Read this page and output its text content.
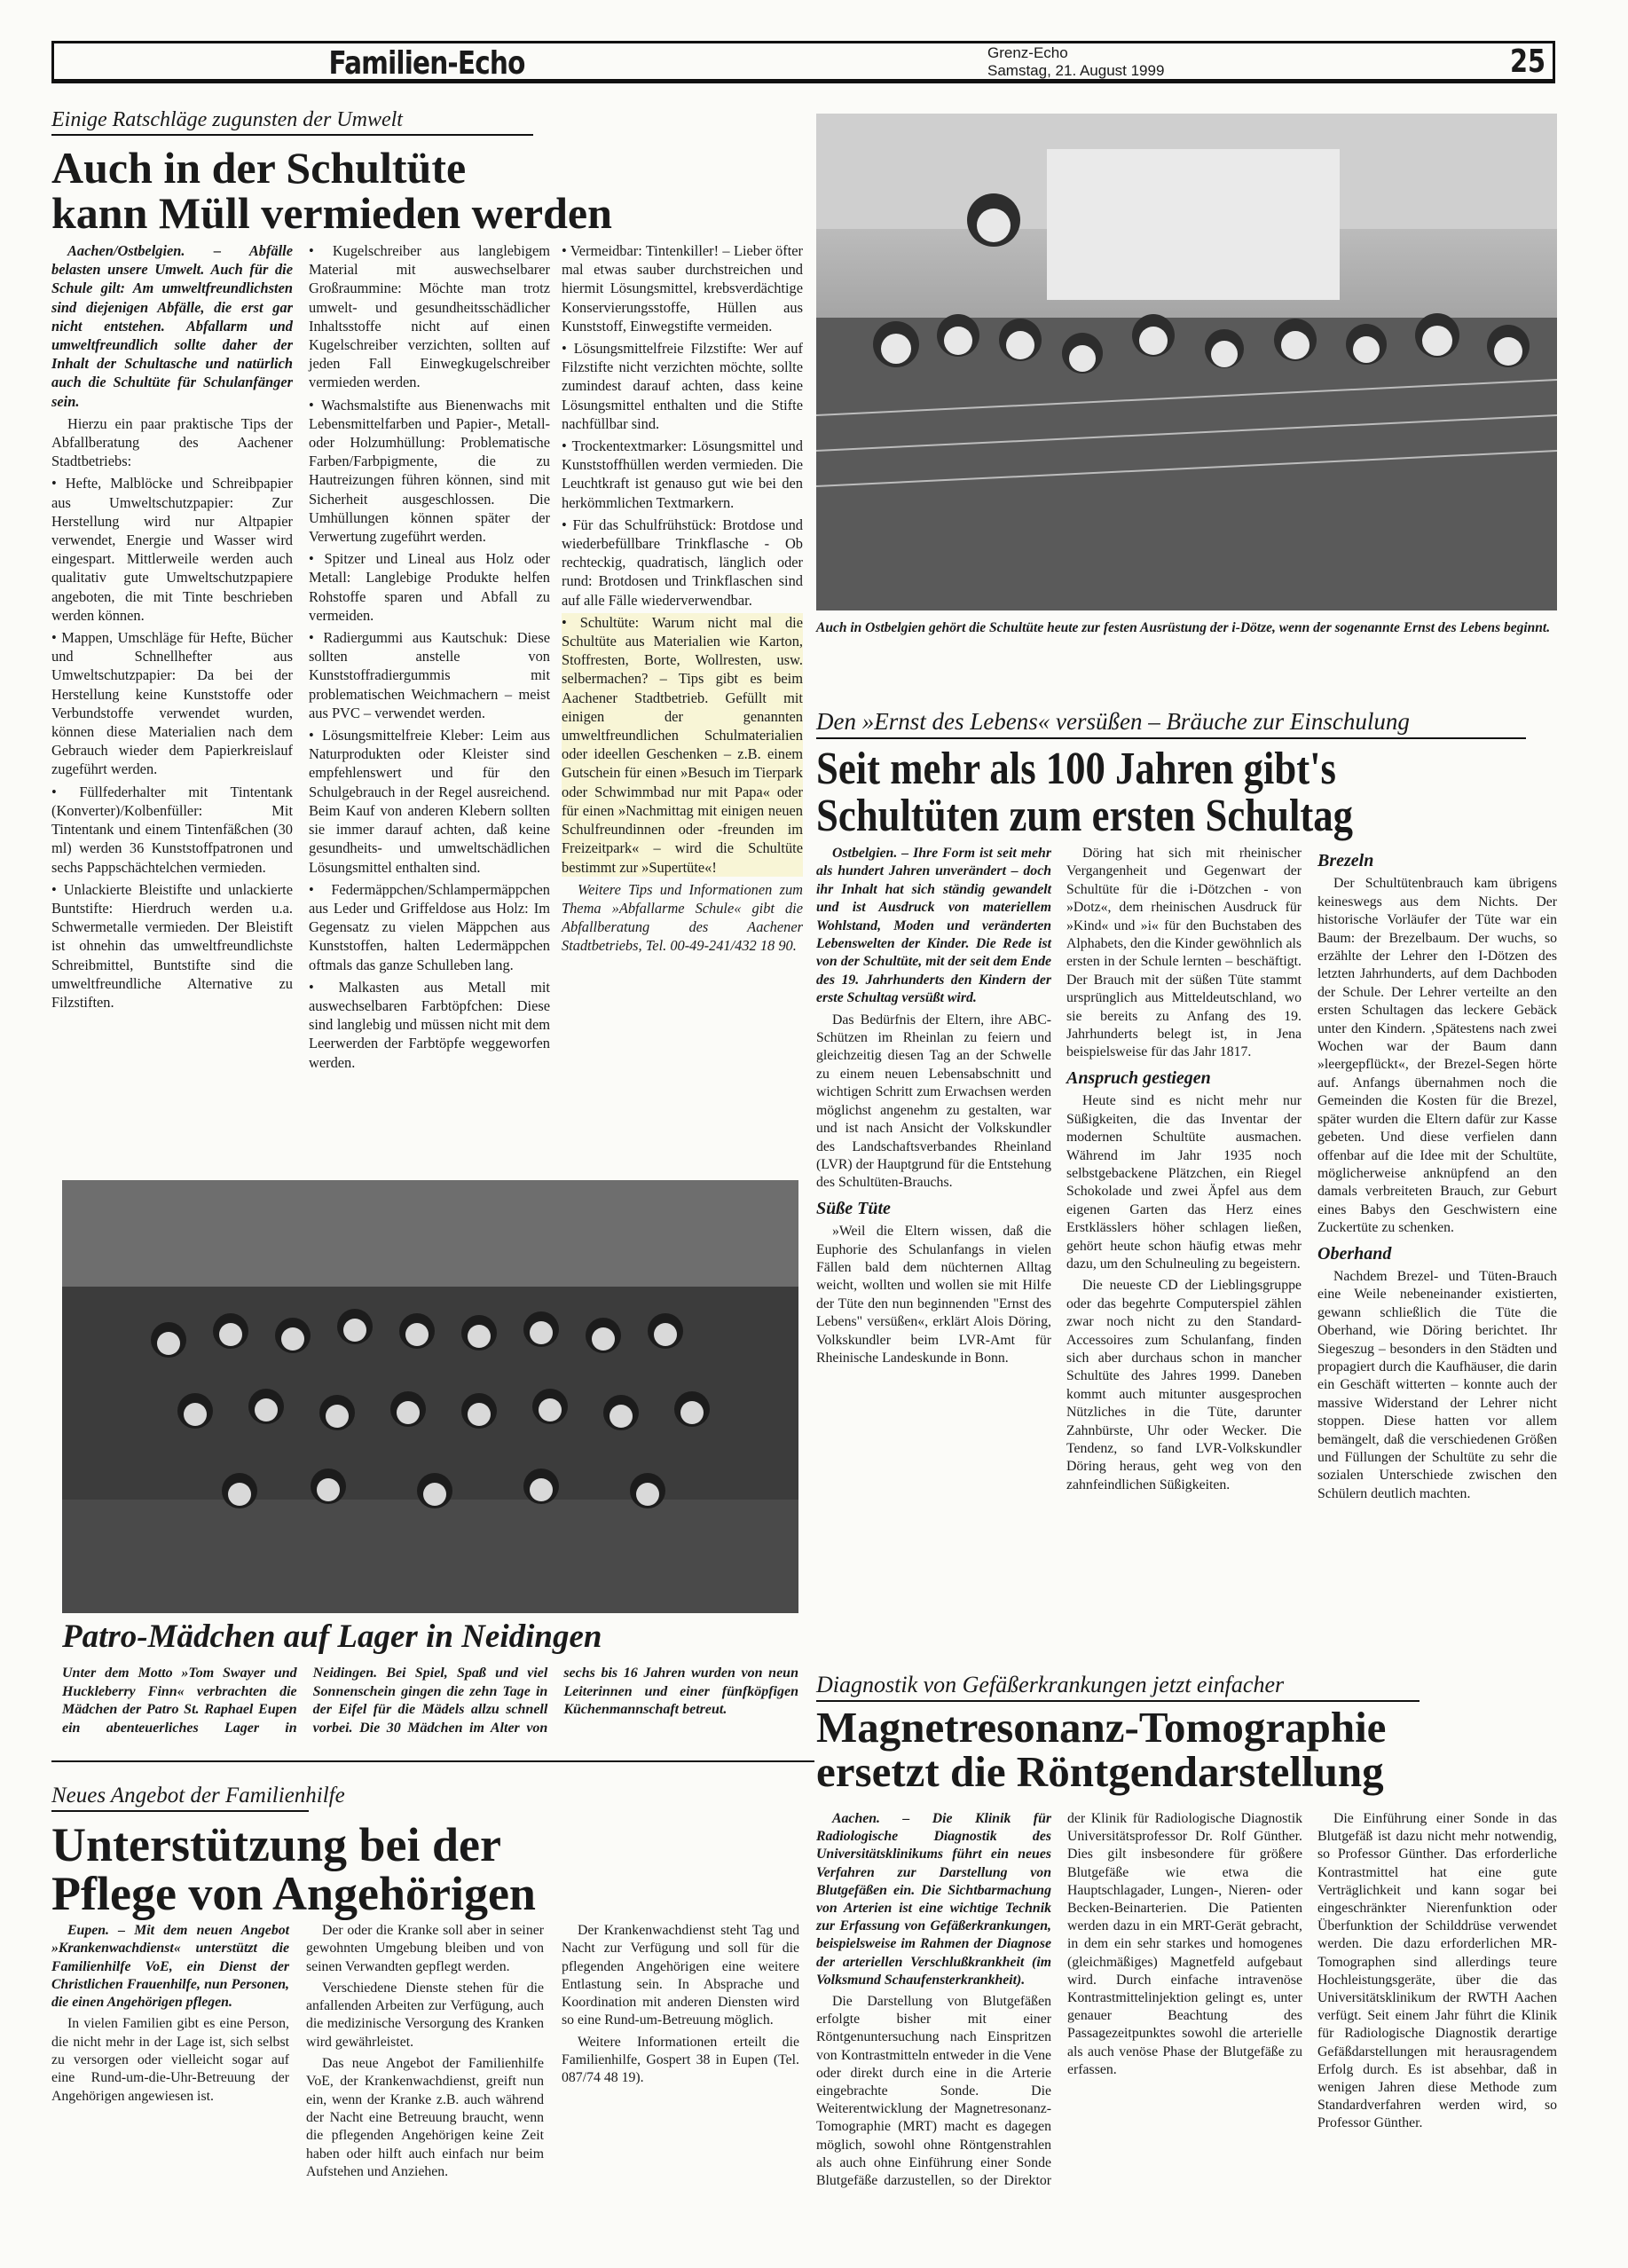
Familien-Echo	Grenz-Echo
Samstag, 21. August 1999	25
Einige Ratschläge zugunsten der Umwelt
Auch in der Schultüte
kann Müll vermieden werden

Aachen/Ostbelgien. – Abfälle belasten unsere Umwelt. Auch für die Schule gilt: Am umweltfreundlichsten sind diejenigen Abfälle, die erst gar nicht entstehen. Abfallarm und umweltfreundlich sollte daher der Inhalt der Schultasche und natürlich auch die Schultüte für Schulanfänger sein.

Hierzu ein paar praktische Tips der Abfallberatung des Aachener Stadtbetriebs:

• Hefte, Malblöcke und Schreibpapier aus Umweltschutzpapier: Zur Herstellung wird nur Altpapier verwendet, Energie und Wasser wird eingespart. Mittlerweile werden auch qualitativ gute Umweltschutzpapiere angeboten, die mit Tinte beschrieben werden können.

• Mappen, Umschläge für Hefte, Bücher und Schnellhefter aus Umweltschutzpapier: Da bei der Herstellung keine Kunststoffe oder Verbundstoffe verwendet wurden, können diese Materialien nach dem Gebrauch wieder dem Papierkreislauf zugeführt werden.

• Füllfederhalter mit Tintentank (Konverter)/Kolbenfüller: Mit Tintentank und einem Tintenfäßchen (30 ml) werden 36 Kunststoffpatronen und sechs Pappschächtelchen vermieden.

• Unlackierte Bleistifte und unlackierte Buntstifte: Hierdruch werden u.a. Schwermetalle vermieden. Der Bleistift ist ohnehin das umweltfreundlichste Schreibmittel, Buntstifte sind die umweltfreundliche Alternative zu Filzstiften.

• Kugelschreiber aus langlebigem Material mit auswechselbarer Großraummine: Möchte man trotz umwelt- und gesundheitsschädlicher Inhaltsstoffe nicht auf einen Kugelschreiber verzichten, sollten auf jeden Fall Einwegkugelschreiber vermieden werden.

• Wachsmalstifte aus Bienenwachs mit Lebensmittelfarben und Papier-, Metall- oder Holzumhüllung: Problematische Farben/Farbpigmente, die zu Hautreizungen führen können, sind mit Sicherheit ausgeschlossen. Die Umhüllungen können später der Verwertung zugeführt werden.

• Spitzer und Lineal aus Holz oder Metall: Langlebige Produkte helfen Rohstoffe sparen und Abfall zu vermeiden.

• Radiergummi aus Kautschuk: Diese sollten anstelle von Kunststoffradiergummis mit problematischen Weichmachern – meist aus PVC – verwendet werden.

• Lösungsmittelfreie Kleber: Leim aus Naturprodukten oder Kleister sind empfehlenswert und für den Schulgebrauch in der Regel ausreichend. Beim Kauf von anderen Klebern sollten sie immer darauf achten, daß keine gesundheits- und umweltschädlichen Lösungsmittel enthalten sind.

• Federmäppchen/Schlampermäppchen aus Leder und Griffeldose aus Holz: Im Gegensatz zu vielen Mäppchen aus Kunststoffen, halten Ledermäppchen oftmals das ganze Schulleben lang.

• Malkasten aus Metall mit auswechselbaren Farbtöpfchen: Diese sind langlebig und müssen nicht mit dem Leerwerden der Farbtöpfe weggeworfen werden.

• Vermeidbar: Tintenkiller! – Lieber öfter mal etwas sauber durchstreichen und hiermit Lösungsmittel, krebsverdächtige Konservierungsstoffe, Hüllen aus Kunststoff, Einwegstifte vermeiden.

• Lösungsmittelfreie Filzstifte: Wer auf Filzstifte nicht verzichten möchte, sollte zumindest darauf achten, dass keine Lösungsmittel enthalten und die Stifte nachfüllbar sind.

• Trockentextmarker: Lösungsmittel und Kunststoffhüllen werden vermieden. Die Leuchtkraft ist genauso gut wie bei den herkömmlichen Textmarkern.

• Für das Schulfrühstück: Brotdose und wiederbefüllbare Trinkflasche - Ob rechteckig, quadratisch, länglich oder rund: Brotdosen und Trinkflaschen sind auf alle Fälle wiederverwendbar.

• Schultüte: Warum nicht mal die Schultüte aus Materialien wie Karton, Stoffresten, Borte, Wollresten, usw. selbermachen? – Tips gibt es beim Aachener Stadtbetrieb. Gefüllt mit einigen der genannten umweltfreundlichen Schulmaterialien oder ideellen Geschenken – z.B. einem Gutschein für einen »Besuch im Tierpark oder Schwimmbad nur mit Papa« oder für einen »Nachmittag mit einigen neuen Schulfreundinnen oder -freunden im Freizeitpark« – wird die Schultüte bestimmt zur »Supertüte«!

Weitere Tips und Informationen zum Thema »Abfallarme Schule« gibt die Abfallberatung des Aachener Stadtbetriebs, Tel. 00-49-241/432 18 90.

Auch in Ostbelgien gehört die Schultüte heute zur festen Ausrüstung der i-Dötze, wenn der sogenannte Ernst des Lebens beginnt.
Den »Ernst des Lebens« versüßen – Bräuche zur Einschulung
Seit mehr als 100 Jahren gibt's
Schultüten zum ersten Schultag

Ostbelgien. – Ihre Form ist seit mehr als hundert Jahren unverändert – doch ihr Inhalt hat sich ständig gewandelt und ist Ausdruck von materiellem Wohlstand, Moden und veränderten Lebenswelten der Kinder. Die Rede ist von der Schultüte, mit der seit dem Ende des 19. Jahrhunderts den Kindern der erste Schultag versüßt wird.

Das Bedürfnis der Eltern, ihre ABC-Schützen im Rheinlan zu feiern und gleichzeitig diesen Tag an der Schwelle zu einem neuen Lebensabschnitt und wichtigen Schritt zum Erwachsen werden möglichst angenehm zu gestalten, war und ist nach Ansicht der Volkskundler des Landschaftsverbandes Rheinland (LVR) der Hauptgrund für die Entstehung des Schultüten-Brauchs.

Süße Tüte

»Weil die Eltern wissen, daß die Euphorie des Schulanfangs in vielen Fällen bald dem nüchternen Alltag weicht, wollten und wollen sie mit Hilfe der Tüte den nun beginnenden "Ernst des Lebens" versüßen«, erklärt Alois Döring, Volkskundler beim LVR-Amt für Rheinische Landeskunde in Bonn.

Döring hat sich mit rheinischer Vergangenheit und Gegenwart der Schultüte für die i-Dötzchen - von »Dotz«, dem rheinischen Ausdruck für »Kind« und »i« für den Buchstaben des Alphabets, den die Kinder gewöhnlich als ersten in der Schule lernten – beschäftigt. Der Brauch mit der süßen Tüte stammt ursprünglich aus Mitteldeutschland, wo sie bereits zu Anfang des 19. Jahrhunderts belegt ist, in Jena beispielsweise für das Jahr 1817.

Anspruch gestiegen

Heute sind es nicht mehr nur Süßigkeiten, die das Inventar der modernen Schultüte ausmachen. Während im Jahr 1935 noch selbstgebackene Plätzchen, ein Riegel Schokolade und zwei Äpfel aus dem eigenen Garten das Herz eines Erstklässlers höher schlagen ließen, gehört heute schon häufig etwas mehr dazu, um den Schulneuling zu begeistern.

Die neueste CD der Lieblingsgruppe oder das begehrte Computerspiel zählen zwar noch nicht zu den Standard-Accessoires zum Schulanfang, finden sich aber durchaus schon in mancher Schultüte des Jahres 1999. Daneben kommt auch mitunter ausgesprochen Nützliches in die Tüte, darunter Zahnbürste, Uhr oder Wecker. Die Tendenz, so fand LVR-Volkskundler Döring heraus, geht weg von den zahnfeindlichen Süßigkeiten.

Brezeln

Der Schultütenbrauch kam übrigens keineswegs aus dem Nichts. Der historische Vorläufer der Tüte war ein Baum: der Brezelbaum. Der wuchs, so erzählte der Lehrer den I-Dötzen des letzten Jahrhunderts, auf dem Dachboden der Schule. Der Lehrer verteilte an den ersten Schultagen das leckere Gebäck unter den Kindern. ‚Spätestens nach zwei Wochen war der Baum dann »leergepflückt«, der Brezel-Segen hörte auf. Anfangs übernahmen noch die Gemeinden die Kosten für die Brezel, später wurden die Eltern dafür zur Kasse gebeten. Und diese verfielen dann offenbar auf die Idee mit der Schultüte, möglicherweise anknüpfend an den damals verbreiteten Brauch, zur Geburt eines Babys den Geschwistern eine Zuckertüte zu schenken.

Oberhand

Nachdem Brezel- und Tüten-Brauch eine Weile nebeneinander existierten, gewann schließlich die Tüte die Oberhand, wie Döring berichtet. Ihr Siegeszug – besonders in den Städten und propagiert durch die Kaufhäuser, die darin ein Geschäft witterten – konnte auch der massive Widerstand der Lehrer nicht stoppen. Diese hatten vor allem bemängelt, daß die verschiedenen Größen und Füllungen der Schultüte zu sehr die sozialen Unterschiede zwischen den Schülern deutlich machten.

Patro-Mädchen auf Lager in Neidingen
Unter dem Motto »Tom Swayer und Huckleberry Finn« verbrachten die Mädchen der Patro St. Raphael Eupen ein abenteuerliches Lager in Neidingen. Bei Spiel, Spaß und viel Sonnenschein gingen die zehn Tage in der Eifel für die Mädels allzu schnell vorbei. Die 30 Mädchen im Alter von sechs bis 16 Jahren wurden von neun Leiterinnen und einer fünfköpfigen Küchenmannschaft betreut.
Neues Angebot der Familienhilfe
Unterstützung bei der
Pflege von Angehörigen

Eupen. – Mit dem neuen Angebot »Krankenwachdienst« unterstützt die Familienhilfe VoE, ein Dienst der Christlichen Frauenhilfe, nun Personen, die einen Angehörigen pflegen.

In vielen Familien gibt es eine Person, die nicht mehr in der Lage ist, sich selbst zu versorgen oder vielleicht sogar auf eine Rund-um-die-Uhr-Betreuung der Angehörigen angewiesen ist.

Der oder die Kranke soll aber in seiner gewohnten Umgebung bleiben und von seinen Verwandten gepflegt werden.

Verschiedene Dienste stehen für die anfallenden Arbeiten zur Verfügung, auch die medizinische Versorgung des Kranken wird gewährleistet.

Das neue Angebot der Familienhilfe VoE, der Krankenwachdienst, greift nun ein, wenn der Kranke z.B. auch während der Nacht eine Betreuung braucht, wenn die pflegenden Angehörigen keine Zeit haben oder hilft auch einfach nur beim Aufstehen und Anziehen.

Der Krankenwachdienst steht Tag und Nacht zur Verfügung und soll für die pflegenden Angehörigen eine weitere Entlastung sein. In Absprache und Koordination mit anderen Diensten wird so eine Rund-um-Betreuung möglich.

Weitere Informationen erteilt die Familienhilfe, Gospert 38 in Eupen (Tel. 087/74 48 19).

Diagnostik von Gefäßerkrankungen jetzt einfacher
Magnetresonanz-Tomographie
ersetzt die Röntgendarstellung

Aachen. – Die Klinik für Radiologische Diagnostik des Universitätsklinikums führt ein neues Verfahren zur Darstellung von Blutgefäßen ein. Die Sichtbarmachung von Arterien ist eine wichtige Technik zur Erfassung von Gefäßerkrankungen, beispielsweise im Rahmen der Diagnose der arteriellen Verschlußkrankheit (im Volksmund Schaufensterkrankheit).

Die Darstellung von Blutgefäßen erfolgte bisher mit einer Röntgenuntersuchung nach Einspritzen von Kontrastmitteln entweder in die Vene oder direkt durch eine in die Arterie eingebrachte Sonde. Die Weiterentwicklung der Magnetresonanz-Tomographie (MRT) macht es dagegen möglich, sowohl ohne Röntgenstrahlen als auch ohne Einführung einer Sonde Blutgefäße darzustellen, so der Direktor der Klinik für Radiologische Diagnostik Universitätsprofessor Dr. Rolf Günther. Dies gilt insbesondere für größere Blutgefäße wie etwa die Hauptschlagader, Lungen-, Nieren- oder Becken-Beinarterien. Die Patienten werden dazu in ein MRT-Gerät gebracht, in dem ein sehr starkes und homogenes (gleichmäßiges) Magnetfeld aufgebaut wird. Durch einfache intravenöse Kontrastmittelinjektion gelingt es, unter genauer Beachtung des Passagezeitpunktes sowohl die arterielle als auch venöse Phase der Blutgefäße zu erfassen.

Die Einführung einer Sonde in das Blutgefäß ist dazu nicht mehr notwendig, so Professor Günther. Das erforderliche Kontrastmittel hat eine gute Verträglichkeit und kann sogar bei eingeschränkter Nierenfunktion oder Überfunktion der Schilddrüse verwendet werden. Die dazu erforderlichen MR-Tomographen sind allerdings teure Hochleistungsgeräte, über die das Universitätsklinikum der RWTH Aachen verfügt. Seit einem Jahr führt die Klinik für Radiologische Diagnostik derartige Gefäßdarstellungen mit herausragendem Erfolg durch. Es ist absehbar, daß in wenigen Jahren diese Methode zum Standardverfahren werden wird, so Professor Günther.
